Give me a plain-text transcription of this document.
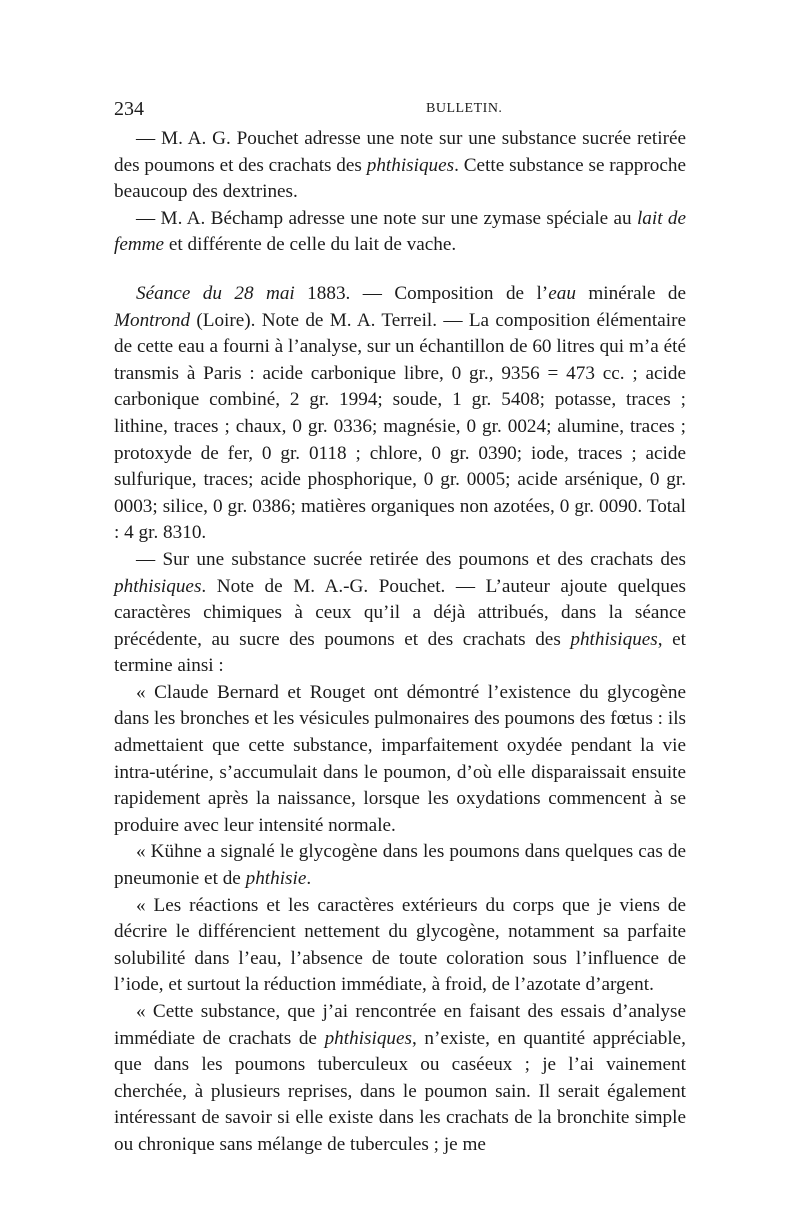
234	BULLETIN.

— M. A. G. Pouchet adresse une note sur une substance sucrée retirée des poumons et des crachats des phthisiques. Cette substance se rapproche beaucoup des dextrines.

— M. A. Béchamp adresse une note sur une zymase spéciale au lait de femme et différente de celle du lait de vache.

Séance du 28 mai 1883. — Composition de l’eau minérale de Montrond (Loire). Note de M. A. Terreil. — La composition élémentaire de cette eau a fourni à l’analyse, sur un échantillon de 60 litres qui m’a été transmis à Paris : acide carbonique libre, 0 gr., 9356 = 473 cc. ; acide carbonique combiné, 2 gr. 1994; soude, 1 gr. 5408; potasse, traces ; lithine, traces ; chaux, 0 gr. 0336; magnésie, 0 gr. 0024; alumine, traces ; protoxyde de fer, 0 gr. 0118 ; chlore, 0 gr. 0390; iode, traces ; acide sulfurique, traces; acide phosphorique, 0 gr. 0005; acide arsénique, 0 gr. 0003; silice, 0 gr. 0386; matières organiques non azotées, 0 gr. 0090. Total : 4 gr. 8310.

— Sur une substance sucrée retirée des poumons et des crachats des phthisiques. Note de M. A.-G. Pouchet. — L’auteur ajoute quelques caractères chimiques à ceux qu’il a déjà attribués, dans la séance précédente, au sucre des poumons et des crachats des phthisiques, et termine ainsi :

« Claude Bernard et Rouget ont démontré l’existence du glycogène dans les bronches et les vésicules pulmonaires des poumons des fœtus : ils admettaient que cette substance, imparfaitement oxydée pendant la vie intra-utérine, s’accumulait dans le poumon, d’où elle disparaissait ensuite rapidement après la naissance, lorsque les oxydations commencent à se produire avec leur intensité normale.

« Kühne a signalé le glycogène dans les poumons dans quelques cas de pneumonie et de phthisie.

« Les réactions et les caractères extérieurs du corps que je viens de décrire le différencient nettement du glycogène, notamment sa parfaite solubilité dans l’eau, l’absence de toute coloration sous l’influence de l’iode, et surtout la réduction immédiate, à froid, de l’azotate d’argent.

« Cette substance, que j’ai rencontrée en faisant des essais d’analyse immédiate de crachats de phthisiques, n’existe, en quantité appréciable, que dans les poumons tuberculeux ou caséeux ; je l’ai vainement cherchée, à plusieurs reprises, dans le poumon sain. Il serait également intéressant de savoir si elle existe dans les crachats de la bronchite simple ou chronique sans mélange de tubercules ; je me
